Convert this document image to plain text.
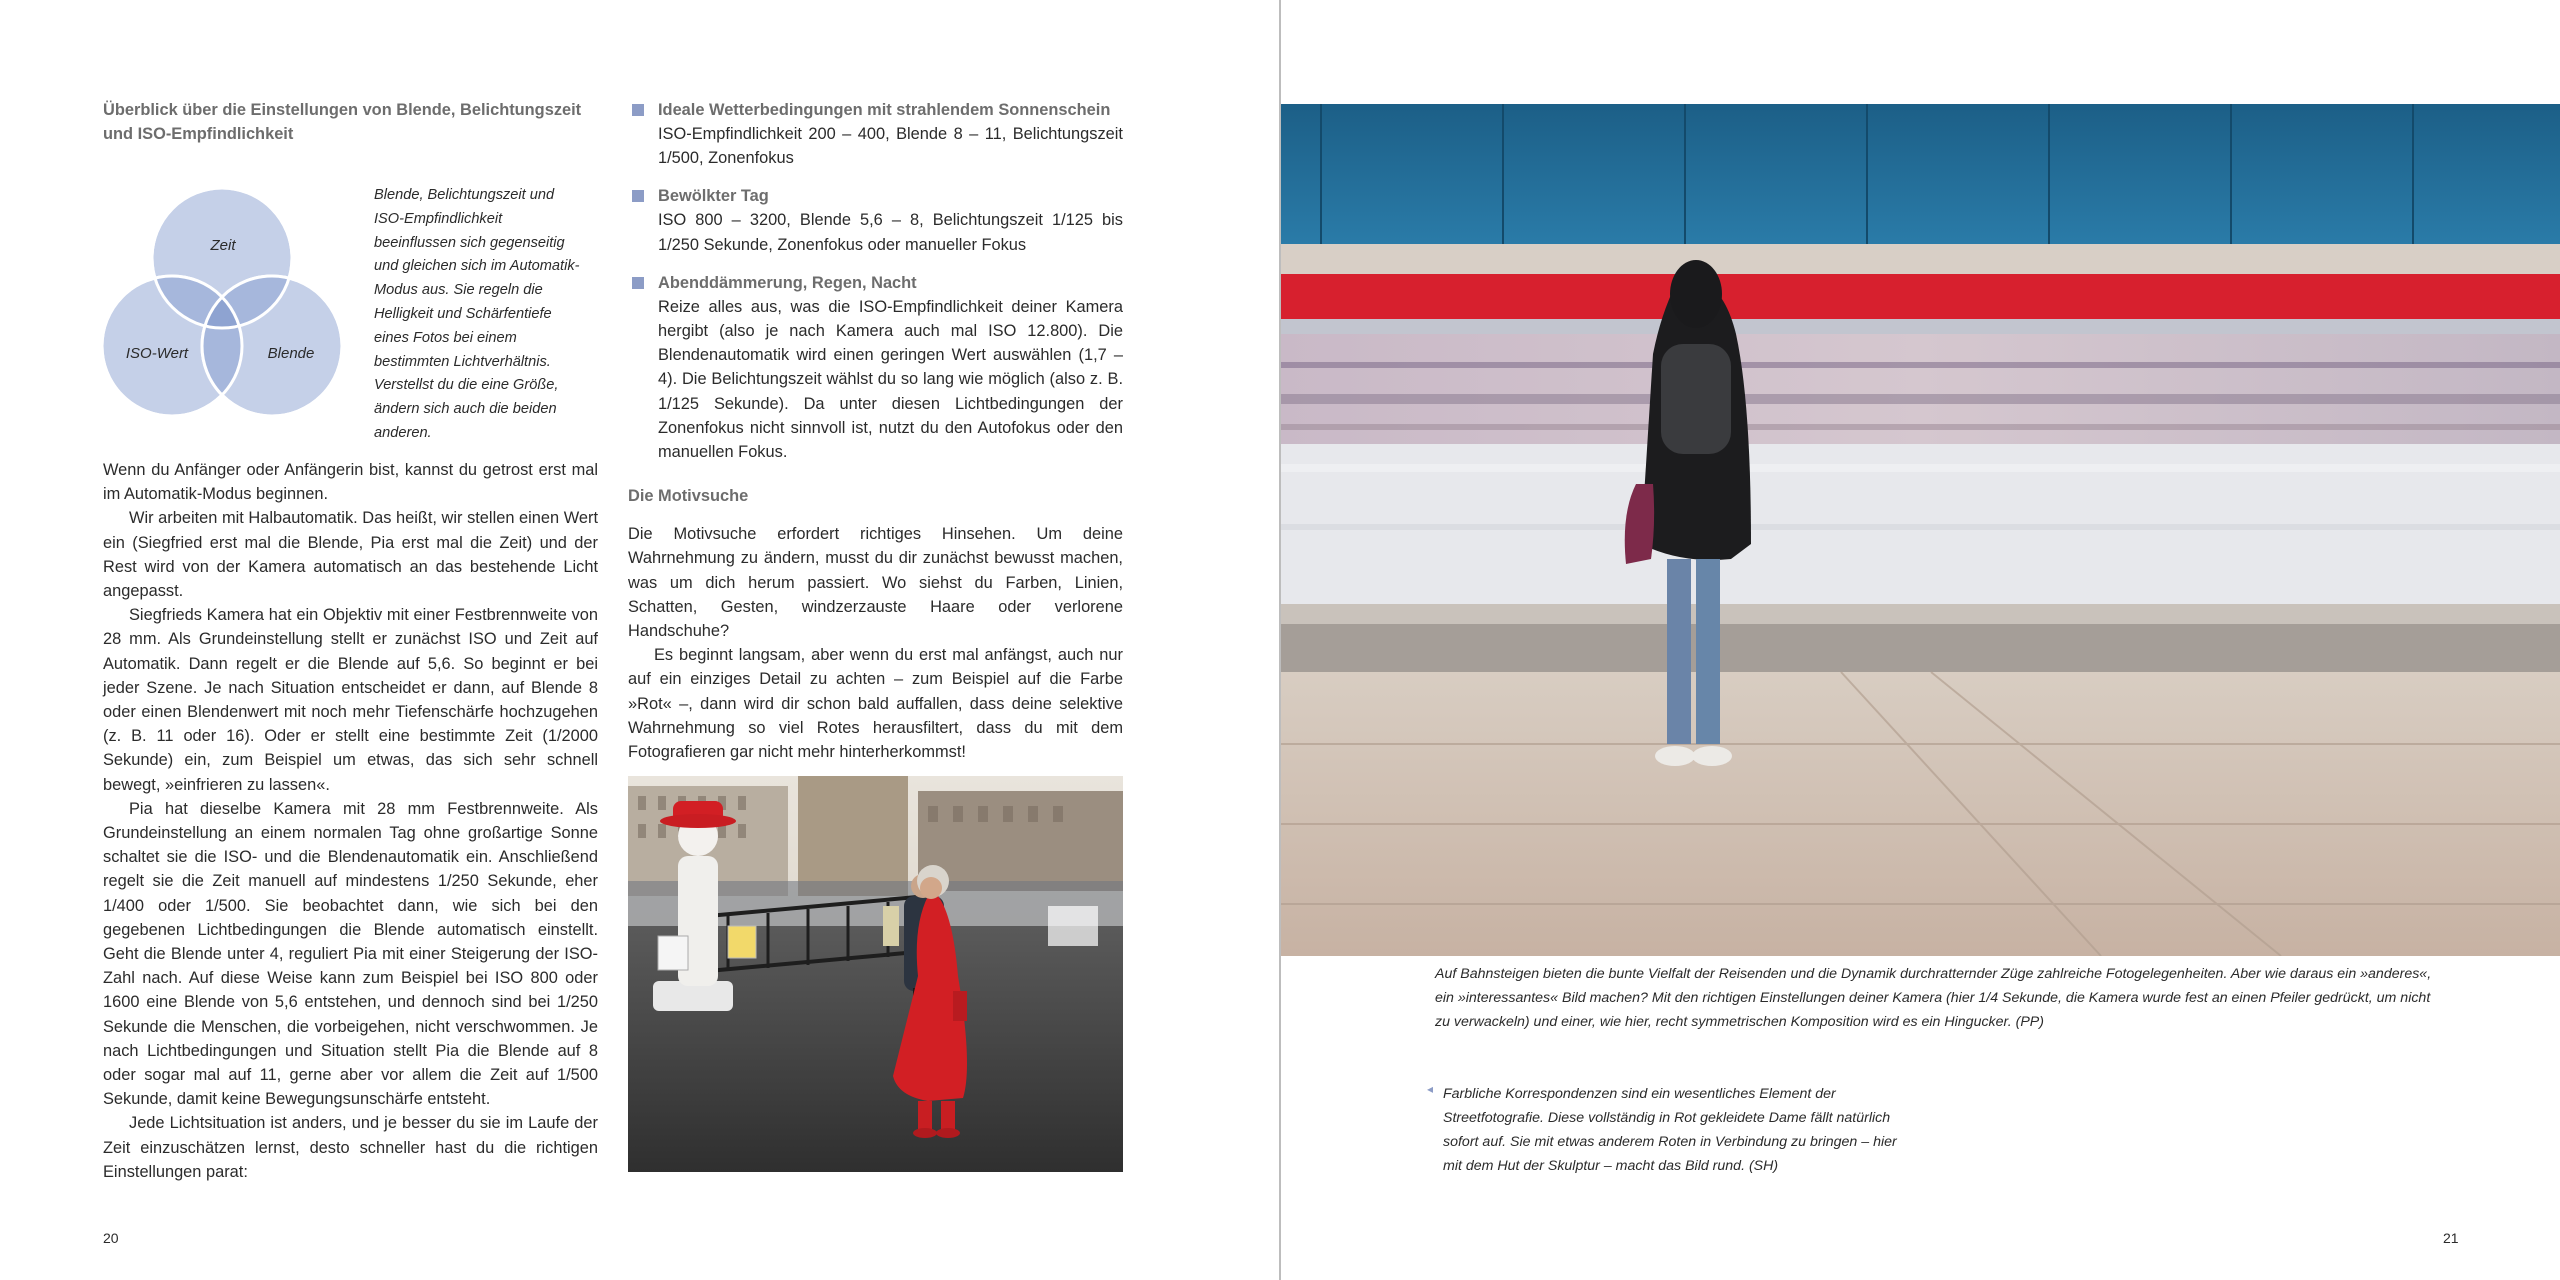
Überblick über die Einstellungen von Blende, Belichtungszeit und ISO-Empfindlichkeit

Zeit
ISO-Wert	Blende
Blende, Belichtungszeit und ISO-Empfindlichkeit beeinflussen sich gegenseitig und gleichen sich im Automatik-Modus aus. Sie regeln die Helligkeit und Schärfentiefe eines Fotos bei einem bestimmten Lichtverhältnis. Verstellst du die eine Größe, ändern sich auch die beiden anderen.

Wenn du Anfänger oder Anfängerin bist, kannst du getrost erst mal im Automatik-Modus beginnen.

Wir arbeiten mit Halbautomatik. Das heißt, wir stellen einen Wert ein (Siegfried erst mal die Blende, Pia erst mal die Zeit) und der Rest wird von der Kamera automatisch an das bestehende Licht angepasst.

Siegfrieds Kamera hat ein Objektiv mit einer Festbrennweite von 28 mm. Als Grundeinstellung stellt er zunächst ISO und Zeit auf Automatik. Dann regelt er die Blende auf 5,6. So beginnt er bei jeder Szene. Je nach Situation entscheidet er dann, auf Blende 8 oder einen Blendenwert mit noch mehr Tiefenschärfe hochzugehen (z. B. 11 oder 16). Oder er stellt eine bestimmte Zeit (1/2000 Sekunde) ein, zum Beispiel um etwas, das sich sehr schnell bewegt, »einfrieren zu lassen«.

Pia hat dieselbe Kamera mit 28 mm Festbrennweite. Als Grundeinstellung an einem normalen Tag ohne großartige Sonne schaltet sie die ISO- und die Blendenautomatik ein. Anschließend regelt sie die Zeit manuell auf mindestens 1/250 Sekunde, eher 1/400 oder 1/500. Sie beobachtet dann, wie sich bei den gegebenen Lichtbedingungen die Blende automatisch einstellt. Geht die Blende unter 4, reguliert Pia mit einer Steigerung der ISO-Zahl nach. Auf diese Weise kann zum Beispiel bei ISO 800 oder 1600 eine Blende von 5,6 entstehen, und dennoch sind bei 1/250 Sekunde die Menschen, die vorbeigehen, nicht verschwommen. Je nach Lichtbedingungen und Situation stellt Pia die Blende auf 8 oder sogar mal auf 11, gerne aber vor allem die Zeit auf 1/500 Sekunde, damit keine Bewegungsunschärfe entsteht.

Jede Lichtsituation ist anders, und je besser du sie im Laufe der Zeit einzuschätzen lernst, desto schneller hast du die richtigen Einstellungen parat:

Ideale Wetterbedingungen mit strahlendem Sonnenschein

ISO-Empfindlichkeit 200 – 400, Blende 8 – 11, Belichtungszeit 1/500, Zonenfokus

Bewölkter Tag

ISO 800 – 3200, Blende 5,6 – 8, Belichtungszeit 1/125 bis 1/250 Sekunde, Zonenfokus oder manueller Fokus

Abenddämmerung, Regen, Nacht

Reize alles aus, was die ISO-Empfindlichkeit deiner Kamera hergibt (also je nach Kamera auch mal ISO 12.800). Die Blendenautomatik wird einen geringen Wert auswählen (1,7 – 4). Die Belichtungszeit wählst du so lang wie möglich (also z. B. 1/125 Sekunde). Da unter diesen Lichtbedingungen der Zonenfokus nicht sinnvoll ist, nutzt du den Autofokus oder den manuellen Fokus.

Die Motivsuche

Die Motivsuche erfordert richtiges Hinsehen. Um deine Wahrnehmung zu ändern, musst du dir zunächst bewusst machen, was um dich herum passiert. Wo siehst du Farben, Linien, Schatten, Gesten, windzerzauste Haare oder verlorene Handschuhe?

Es beginnt langsam, aber wenn du erst mal anfängst, auch nur auf ein einziges Detail zu achten – zum Beispiel auf die Farbe »Rot« –, dann wird dir schon bald auffallen, dass deine selektive Wahrnehmung so viel Rotes herausfiltert, dass du mit dem Fotografieren gar nicht mehr hinterherkommst!

20

Auf Bahnsteigen bieten die bunte Vielfalt der Reisenden und die Dynamik durchratternder Züge zahlreiche Fotogelegenheiten. Aber wie daraus ein »anderes«, ein »interessantes« Bild machen? Mit den richtigen Einstellungen deiner Kamera (hier 1/4 Sekunde, die Kamera wurde fest an einen Pfeiler gedrückt, um nicht zu verwackeln) und einer, wie hier, recht symmetrischen Komposition wird es ein Hingucker. (PP)

◂ Farbliche Korrespondenzen sind ein wesentliches Element der Streetfotografie. Diese vollständig in Rot gekleidete Dame fällt natürlich sofort auf. Sie mit etwas anderem Roten in Verbindung zu bringen – hier mit dem Hut der Skulptur – macht das Bild rund. (SH)

21
